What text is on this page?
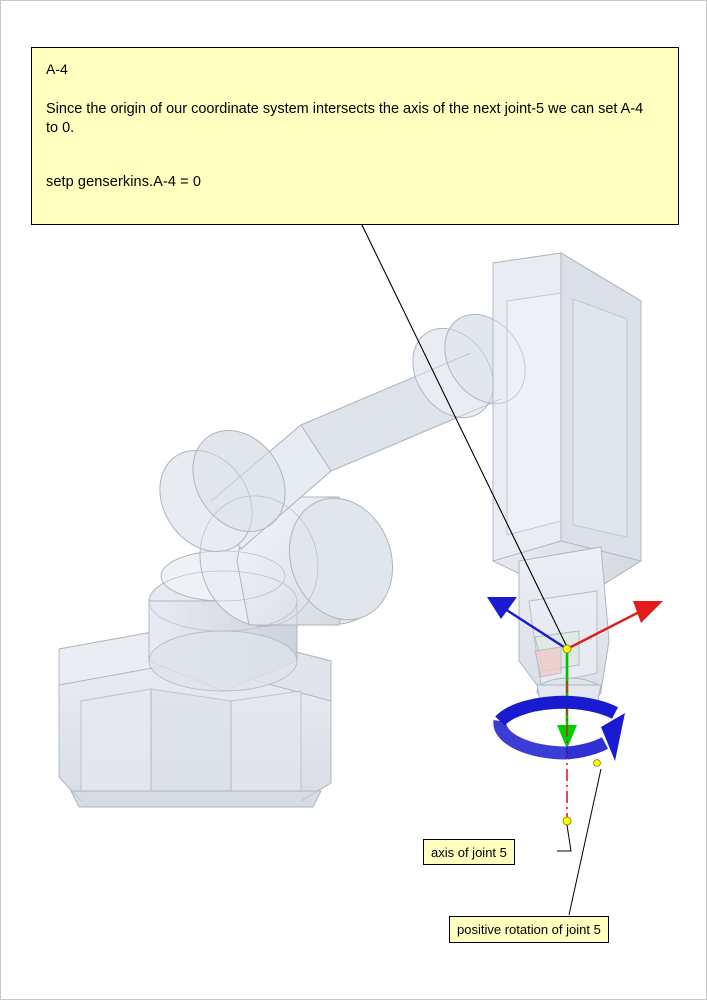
A-4
Since the origin of our coordinate system intersects the axis of the next joint-5 we can set A-4 to 0.
setp genserkins.A-4 = 0
axis of joint 5
positive rotation of joint 5
